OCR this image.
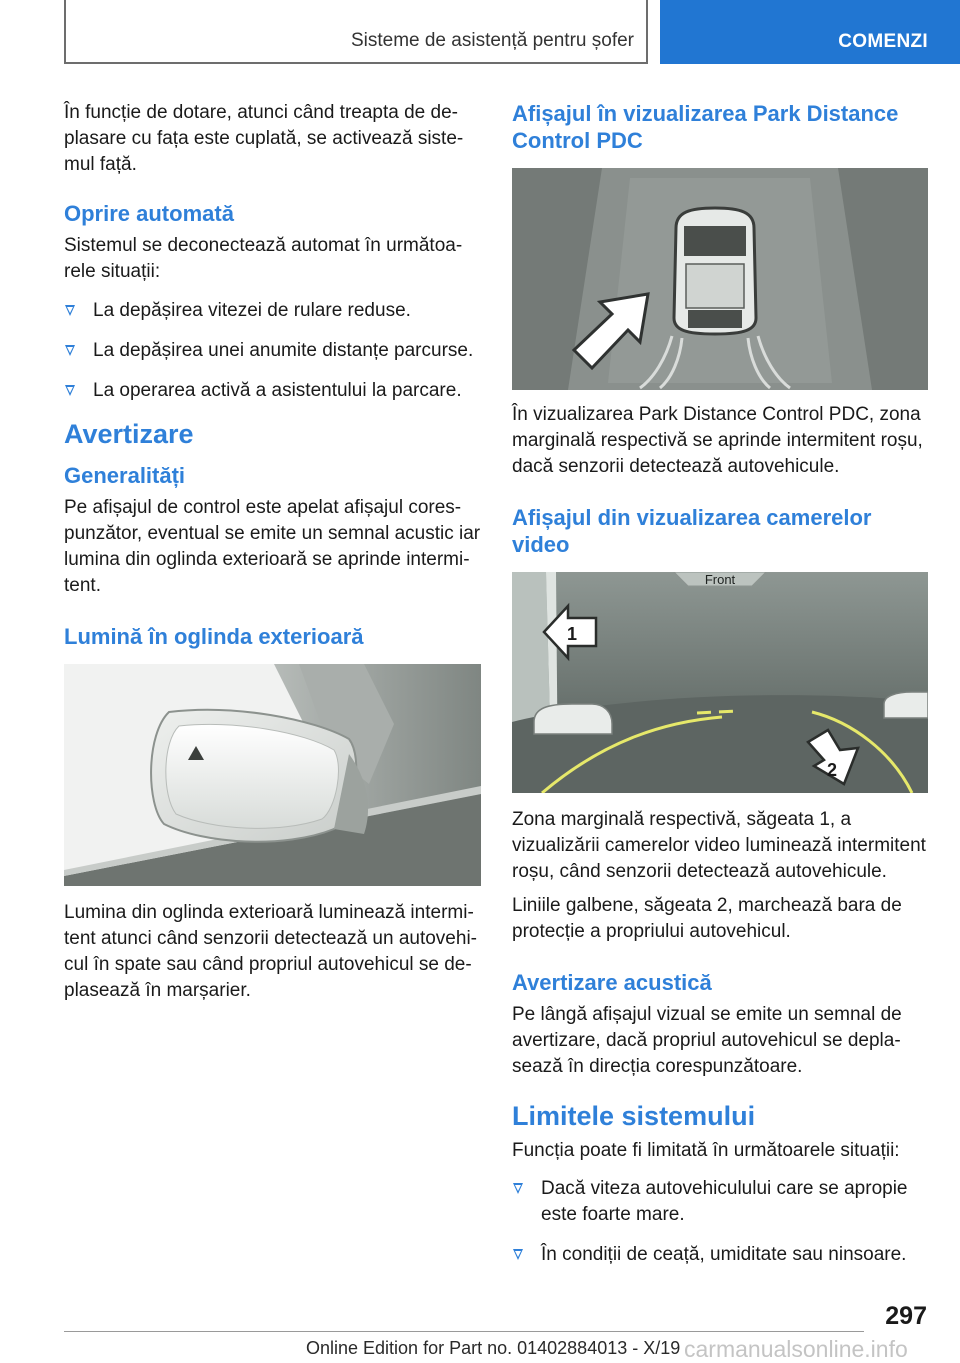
Sisteme de asistență pentru șofer	COMENZI

În funcție de dotare, atunci când treapta de deplasare cu fața este cuplată, se activează sistemul față.

Oprire automată

Sistemul se deconectează automat în următoarele situații:

La depășirea vitezei de rulare reduse.
La depășirea unei anumite distanțe parcurse.
La operarea activă a asistentului la parcare.
Avertizare
Generalități

Pe afișajul de control este apelat afișajul corespunzător, eventual se emite un semnal acustic iar lumina din oglinda exterioară se aprinde intermitent.

Lumină în oglinda exterioară

Lumina din oglinda exterioară luminează intermitent atunci când senzorii detectează un autovehicul în spate sau când propriul autovehicul se deplasează în marșarier.

Afișajul în vizualizarea Park Distance Control PDC

În vizualizarea Park Distance Control PDC, zona marginală respectivă se aprinde intermitent roșu, dacă senzorii detectează autovehicule.

Afișajul din vizualizarea camerelor video
Front
1
2

Zona marginală respectivă, săgeata 1, a vizualizării camerelor video luminează intermitent roșu, când senzorii detectează autovehicule.

Liniile galbene, săgeata 2, marchează bara de protecție a propriului autovehicul.

Avertizare acustică

Pe lângă afișajul vizual se emite un semnal de avertizare, dacă propriul autovehicul se deplasează în direcția corespunzătoare.

Limitele sistemului

Funcția poate fi limitată în următoarele situații:

Dacă viteza autovehiculului care se apropie este foarte mare.
În condiții de ceață, umiditate sau ninsoare.
297
Online Edition for Part no. 01402884013 - X/19 carmanualsonline.info
